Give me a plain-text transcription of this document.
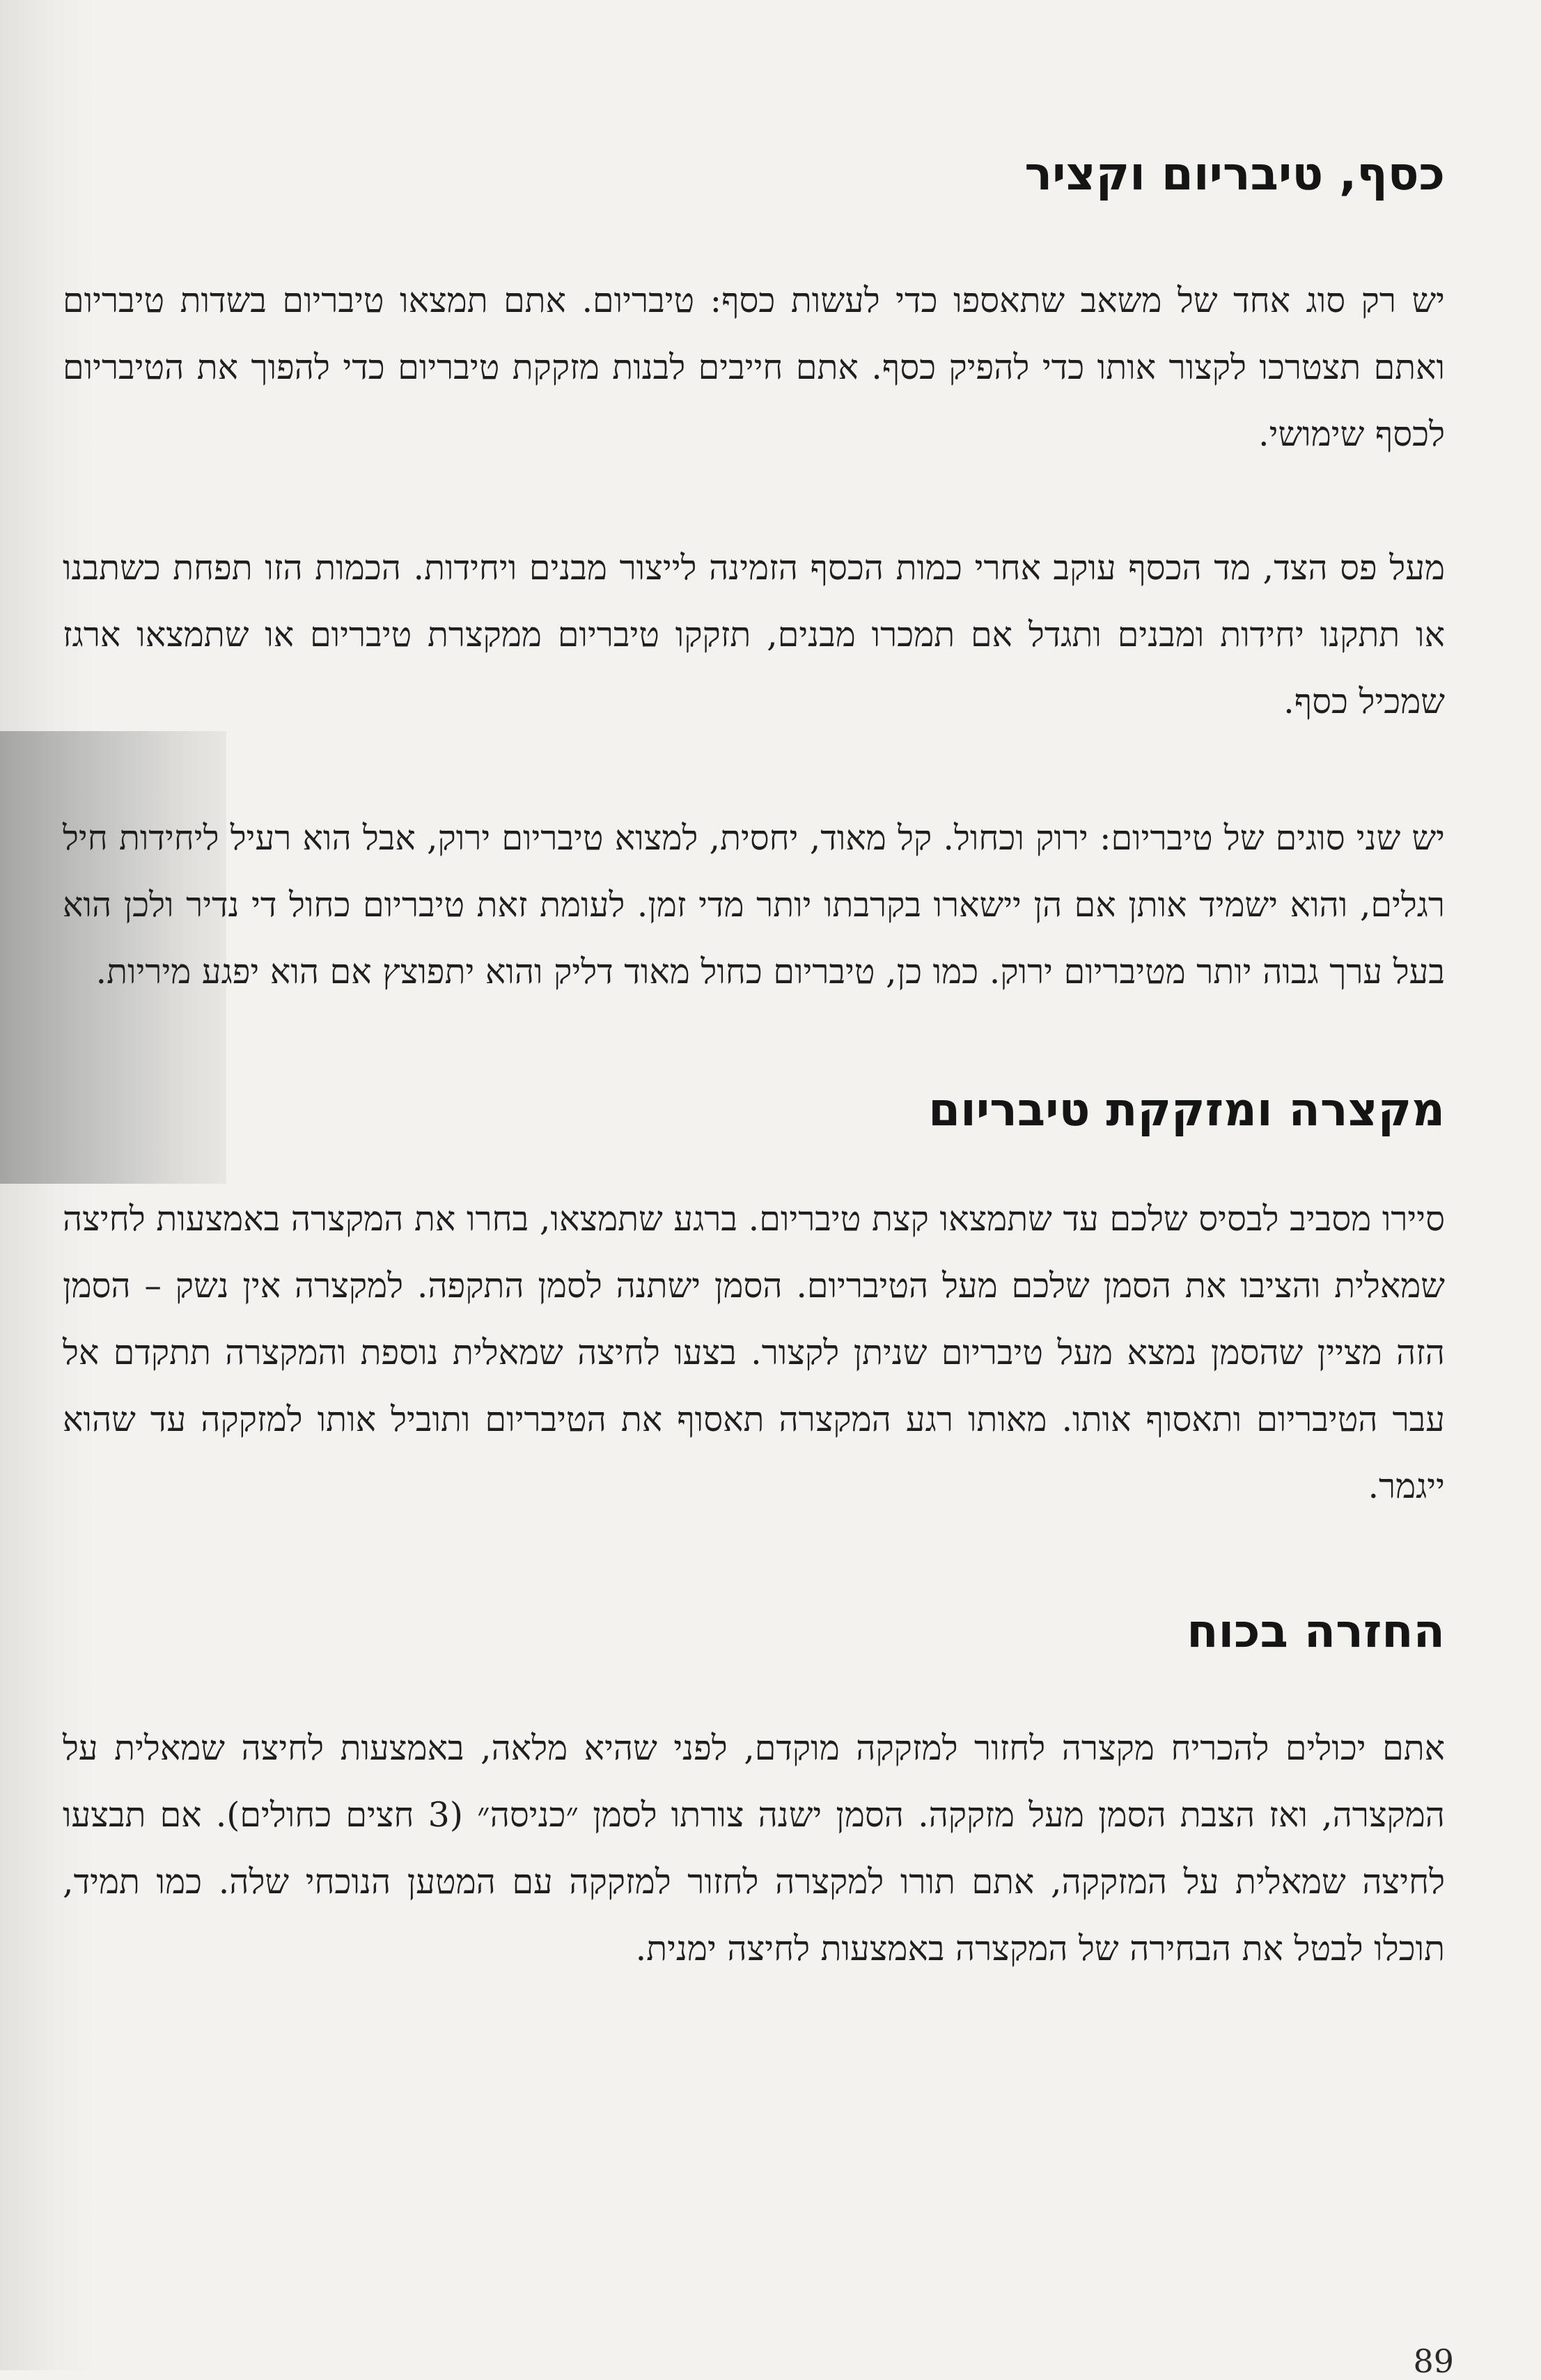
כסף, טיבריום וקציר

יש רק סוג אחד של משאב שתאספו כדי לעשות כסף: טיבריום. אתם תמצאו טיבריום בשדות טיבריום ואתם תצטרכו לקצור אותו כדי להפיק כסף. אתם חייבים לבנות מזקקת טיבריום כדי להפוך את הטיבריום לכסף שימושי.

מעל פס הצד, מד הכסף עוקב אחרי כמות הכסף הזמינה לייצור מבנים ויחידות. הכמות הזו תפחת כשתבנו או תתקנו יחידות ומבנים ותגדל אם תמכרו מבנים, תזקקו טיבריום ממקצרת טיבריום או שתמצאו ארגז שמכיל כסף.

יש שני סוגים של טיבריום: ירוק וכחול. קל מאוד, יחסית, למצוא טיבריום ירוק, אבל הוא רעיל ליחידות חיל רגלים, והוא ישמיד אותן אם הן יישארו בקרבתו יותר מדי זמן. לעומת זאת טיבריום כחול די נדיר ולכן הוא בעל ערך גבוה יותר מטיבריום ירוק. כמו כן, טיבריום כחול מאוד דליק והוא יתפוצץ אם הוא יפגע מיריות.

מקצרה ומזקקת טיבריום

סיירו מסביב לבסיס שלכם עד שתמצאו קצת טיבריום. ברגע שתמצאו, בחרו את המקצרה באמצעות לחיצה שמאלית והציבו את הסמן שלכם מעל הטיבריום. הסמן ישתנה לסמן התקפה. למקצרה אין נשק – הסמן הזה מציין שהסמן נמצא מעל טיבריום שניתן לקצור. בצעו לחיצה שמאלית נוספת והמקצרה תתקדם אל עבר הטיבריום ותאסוף אותו. מאותו רגע המקצרה תאסוף את הטיבריום ותוביל אותו למזקקה עד שהוא ייגמר.

החזרה בכוח

אתם יכולים להכריח מקצרה לחזור למזקקה מוקדם, לפני שהיא מלאה, באמצעות לחיצה שמאלית על המקצרה, ואז הצבת הסמן מעל מזקקה. הסמן ישנה צורתו לסמן ״כניסה״ (3 חצים כחולים). אם תבצעו לחיצה שמאלית על המזקקה, אתם תורו למקצרה לחזור למזקקה עם המטען הנוכחי שלה. כמו תמיד, תוכלו לבטל את הבחירה של המקצרה באמצעות לחיצה ימנית.

89
